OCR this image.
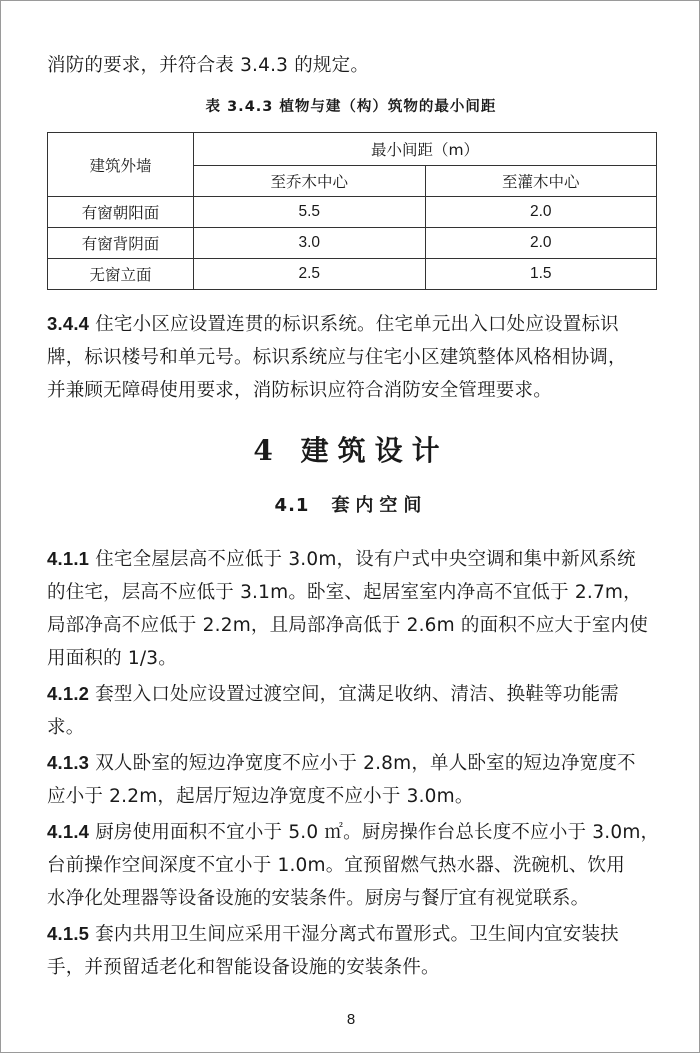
消防的要求，并符合表 3.4.3 的规定。
表 3.4.3 植物与建（构）筑物的最小间距
建筑外墙	最小间距（m）	
	至乔木中心	至灌木中心
有窗朝阳面	5.5	2.0
有窗背阴面	3.0	2.0
无窗立面	2.5	1.5
3.4.4 住宅小区应设置连贯的标识系统。住宅单元出入口处应设置标识
牌，标识楼号和单元号。标识系统应与住宅小区建筑整体风格相协调，
并兼顾无障碍使用要求，消防标识应符合消防安全管理要求。
4 建筑设计
4.1 套内空间
4.1.1 住宅全屋层高不应低于 3.0m，设有户式中央空调和集中新风系统
的住宅，层高不应低于 3.1m。卧室、起居室室内净高不宜低于 2.7m，
局部净高不应低于 2.2m，且局部净高低于 2.6m 的面积不应大于室内使
用面积的 1/3。
4.1.2 套型入口处应设置过渡空间，宜满足收纳、清洁、换鞋等功能需
求。
4.1.3 双人卧室的短边净宽度不应小于 2.8m，单人卧室的短边净宽度不
应小于 2.2m，起居厅短边净宽度不应小于 3.0m。
4.1.4 厨房使用面积不宜小于 5.0 ㎡。厨房操作台总长度不应小于 3.0m，
台前操作空间深度不宜小于 1.0m。宜预留燃气热水器、洗碗机、饮用
水净化处理器等设备设施的安装条件。厨房与餐厅宜有视觉联系。
4.1.5 套内共用卫生间应采用干湿分离式布置形式。卫生间内宜安装扶
手，并预留适老化和智能设备设施的安装条件。
8
